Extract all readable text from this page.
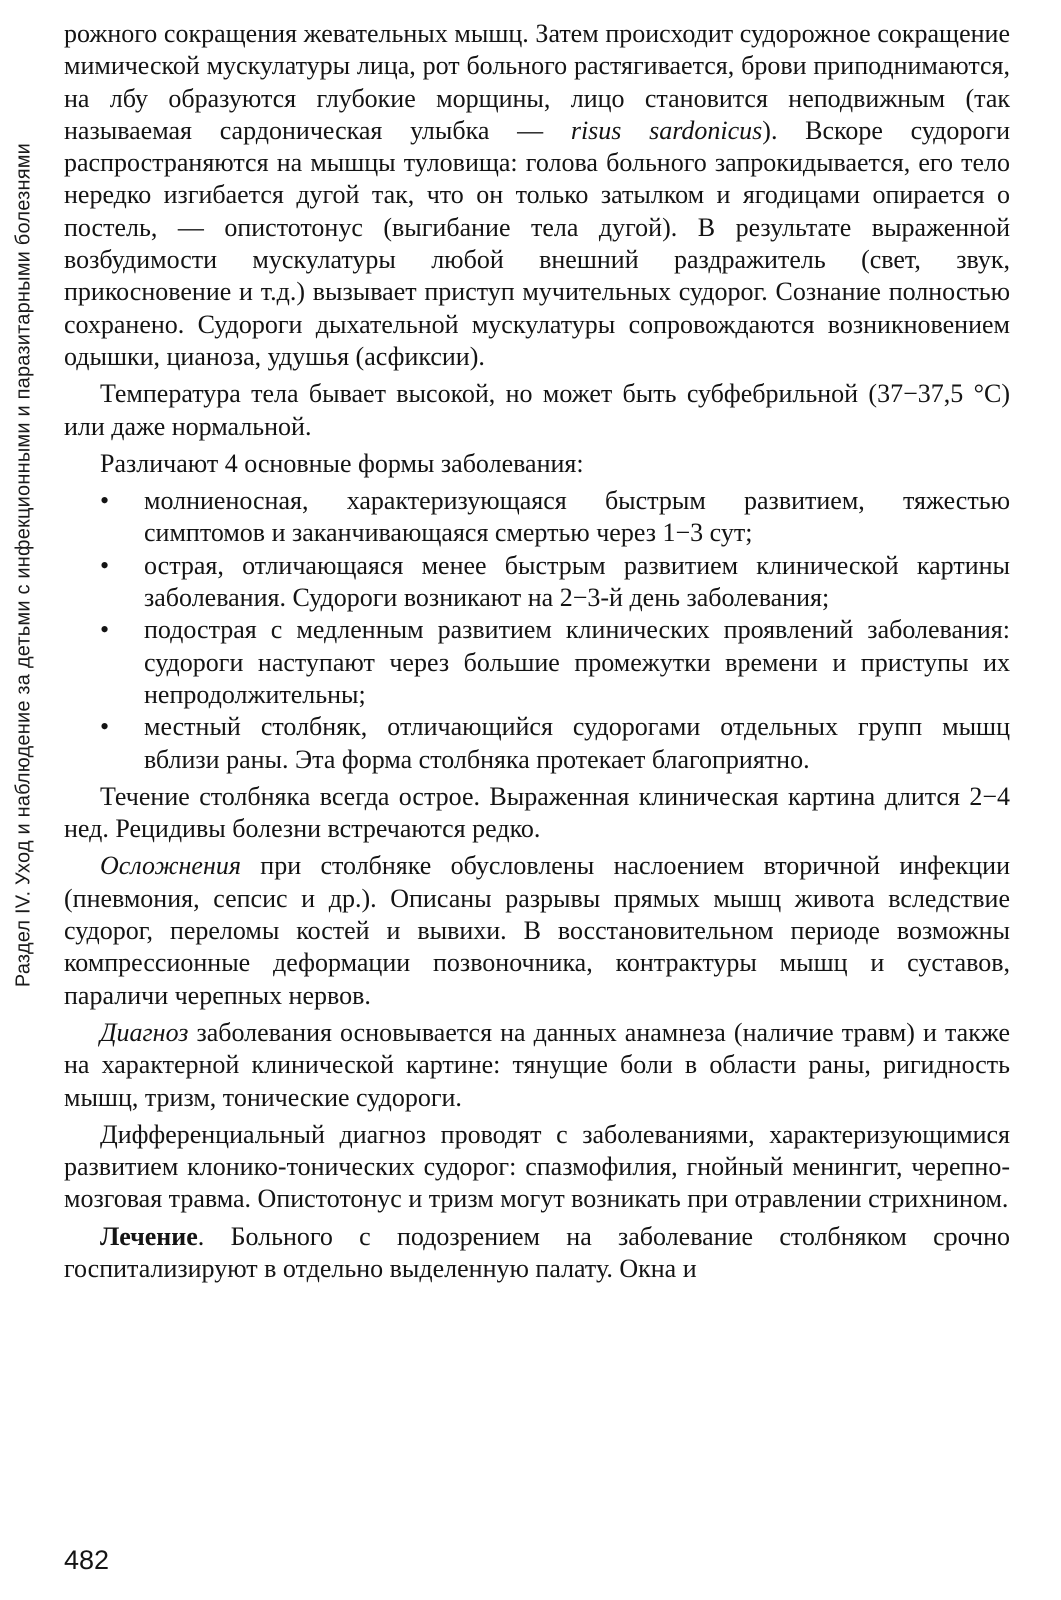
Раздел IV. Уход и наблюдение за детьми с инфекционными и паразитарными болезнями

рожного сокращения жевательных мышц. Затем происходит судорожное сокращение мимической мускулатуры лица, рот больного растягивается, брови приподнимаются, на лбу образуются глубокие морщины, лицо становится неподвижным (так называемая сардоническая улыбка — risus sardonicus). Вскоре судороги распространяются на мышцы туловища: голова больного запрокидывается, его тело нередко изгибается дугой так, что он только затылком и ягодицами опирается о постель, — опистотонус (выгибание тела дугой). В результате выраженной возбудимости мускулатуры любой внешний раздражитель (свет, звук, прикосновение и т.д.) вызывает приступ мучительных судорог. Сознание полностью сохранено. Судороги дыхательной мускулатуры сопровождаются возникновением одышки, цианоза, удушья (асфиксии).

Температура тела бывает высокой, но может быть субфебрильной (37−37,5 °С) или даже нормальной.

Различают 4 основные формы заболевания:

• молниеносная, характеризующаяся быстрым развитием, тяжестью симптомов и заканчивающаяся смертью через 1−3 сут;
• острая, отличающаяся менее быстрым развитием клинической картины заболевания. Судороги возникают на 2−3-й день заболевания;
• подострая с медленным развитием клинических проявлений заболевания: судороги наступают через большие промежутки времени и приступы их непродолжительны;
• местный столбняк, отличающийся судорогами отдельных групп мышц вблизи раны. Эта форма столбняка протекает благоприятно.

Течение столбняка всегда острое. Выраженная клиническая картина длится 2−4 нед. Рецидивы болезни встречаются редко.

Осложнения при столбняке обусловлены наслоением вторичной инфекции (пневмония, сепсис и др.). Описаны разрывы прямых мышц живота вследствие судорог, переломы костей и вывихи. В восстановительном периоде возможны компрессионные деформации позвоночника, контрактуры мышц и суставов, параличи черепных нервов.

Диагноз заболевания основывается на данных анамнеза (наличие травм) и также на характерной клинической картине: тянущие боли в области раны, ригидность мышц, тризм, тонические судороги.

Дифференциальный диагноз проводят с заболеваниями, характеризующимися развитием клонико-тонических судорог: спазмофилия, гнойный менингит, черепно-мозговая травма. Опистотонус и тризм могут возникать при отравлении стрихнином.

Лечение. Больного с подозрением на заболевание столбняком срочно госпитализируют в отдельно выделенную палату. Окна и

482
